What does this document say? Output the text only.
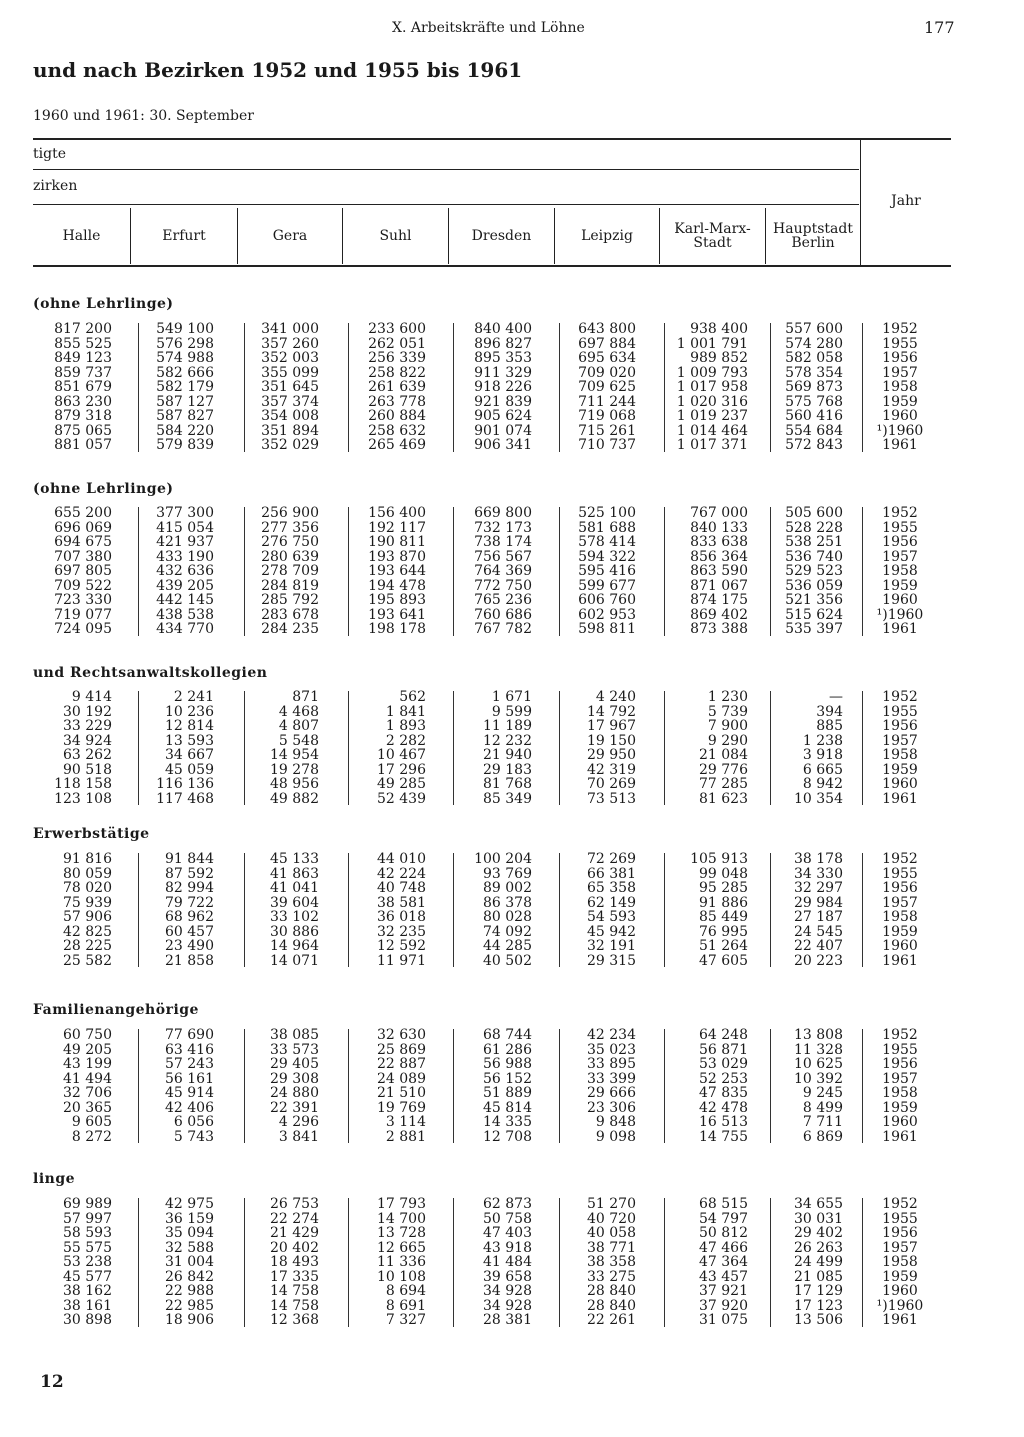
X. Arbeitskräfte und Löhne	177
und nach Bezirken 1952 und 1955 bis 1961
1960 und 1961: 30. September
tigte
zirken
Halle	Erfurt	Gera	Suhl	Dresden	Leipzig	Karl-Marx-
Stadt
Hauptstadt
Berlin
Jahr
(ohne Lehrlinge)
817 200	549 100	341 000	233 600	840 400	643 800	938 400	557 600	1952
855 525	576 298	357 260	262 051	896 827	697 884	1 001 791	574 280	1955
849 123	574 988	352 003	256 339	895 353	695 634	989 852	582 058	1956
859 737	582 666	355 099	258 822	911 329	709 020	1 009 793	578 354	1957
851 679	582 179	351 645	261 639	918 226	709 625	1 017 958	569 873	1958
863 230	587 127	357 374	263 778	921 839	711 244	1 020 316	575 768	1959
879 318	587 827	354 008	260 884	905 624	719 068	1 019 237	560 416	1960
875 065	584 220	351 894	258 632	901 074	715 261	1 014 464	554 684	¹)1960
881 057	579 839	352 029	265 469	906 341	710 737	1 017 371	572 843	1961
(ohne Lehrlinge)
655 200	377 300	256 900	156 400	669 800	525 100	767 000	505 600	1952
696 069	415 054	277 356	192 117	732 173	581 688	840 133	528 228	1955
694 675	421 937	276 750	190 811	738 174	578 414	833 638	538 251	1956
707 380	433 190	280 639	193 870	756 567	594 322	856 364	536 740	1957
697 805	432 636	278 709	193 644	764 369	595 416	863 590	529 523	1958
709 522	439 205	284 819	194 478	772 750	599 677	871 067	536 059	1959
723 330	442 145	285 792	195 893	765 236	606 760	874 175	521 356	1960
719 077	438 538	283 678	193 641	760 686	602 953	869 402	515 624	¹)1960
724 095	434 770	284 235	198 178	767 782	598 811	873 388	535 397	1961
und Rechtsanwaltskollegien
9 414	2 241	871	562	1 671	4 240	1 230	—	1952
30 192	10 236	4 468	1 841	9 599	14 792	5 739	394	1955
33 229	12 814	4 807	1 893	11 189	17 967	7 900	885	1956
34 924	13 593	5 548	2 282	12 232	19 150	9 290	1 238	1957
63 262	34 667	14 954	10 467	21 940	29 950	21 084	3 918	1958
90 518	45 059	19 278	17 296	29 183	42 319	29 776	6 665	1959
118 158	116 136	48 956	49 285	81 768	70 269	77 285	8 942	1960
123 108	117 468	49 882	52 439	85 349	73 513	81 623	10 354	1961
Erwerbstätige
91 816	91 844	45 133	44 010	100 204	72 269	105 913	38 178	1952
80 059	87 592	41 863	42 224	93 769	66 381	99 048	34 330	1955
78 020	82 994	41 041	40 748	89 002	65 358	95 285	32 297	1956
75 939	79 722	39 604	38 581	86 378	62 149	91 886	29 984	1957
57 906	68 962	33 102	36 018	80 028	54 593	85 449	27 187	1958
42 825	60 457	30 886	32 235	74 092	45 942	76 995	24 545	1959
28 225	23 490	14 964	12 592	44 285	32 191	51 264	22 407	1960
25 582	21 858	14 071	11 971	40 502	29 315	47 605	20 223	1961
Familienangehörige
60 750	77 690	38 085	32 630	68 744	42 234	64 248	13 808	1952
49 205	63 416	33 573	25 869	61 286	35 023	56 871	11 328	1955
43 199	57 243	29 405	22 887	56 988	33 895	53 029	10 625	1956
41 494	56 161	29 308	24 089	56 152	33 399	52 253	10 392	1957
32 706	45 914	24 880	21 510	51 889	29 666	47 835	9 245	1958
20 365	42 406	22 391	19 769	45 814	23 306	42 478	8 499	1959
9 605	6 056	4 296	3 114	14 335	9 848	16 513	7 711	1960
8 272	5 743	3 841	2 881	12 708	9 098	14 755	6 869	1961
linge
69 989	42 975	26 753	17 793	62 873	51 270	68 515	34 655	1952
57 997	36 159	22 274	14 700	50 758	40 720	54 797	30 031	1955
58 593	35 094	21 429	13 728	47 403	40 058	50 812	29 402	1956
55 575	32 588	20 402	12 665	43 918	38 771	47 466	26 263	1957
53 238	31 004	18 493	11 336	41 484	38 358	47 364	24 499	1958
45 577	26 842	17 335	10 108	39 658	33 275	43 457	21 085	1959
38 162	22 988	14 758	8 694	34 928	28 840	37 921	17 129	1960
38 161	22 985	14 758	8 691	34 928	28 840	37 920	17 123	¹)1960
30 898	18 906	12 368	7 327	28 381	22 261	31 075	13 506	1961
12
